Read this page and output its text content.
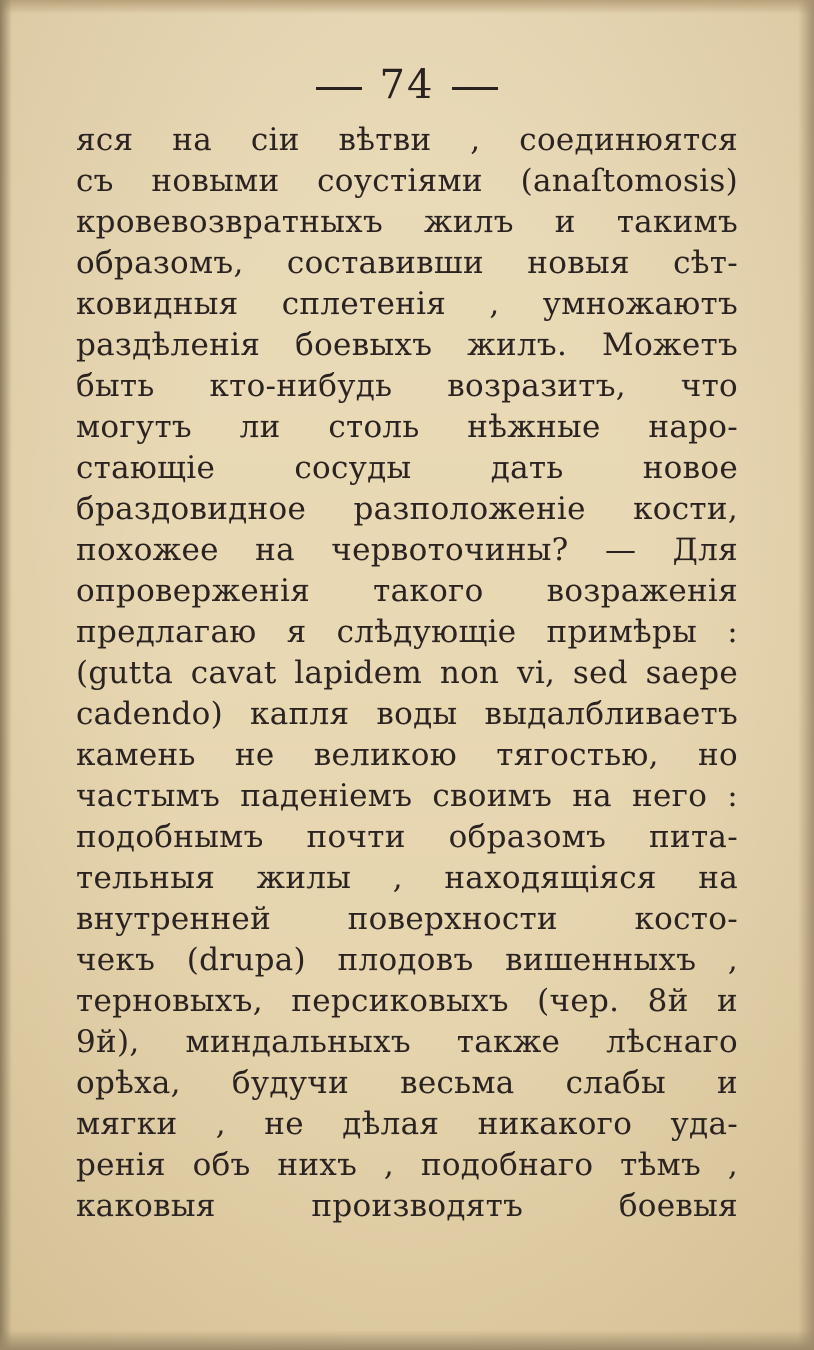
74
яся на сіи вѣтви , соединюятся
съ новыми соустіями (anaſtomosis)
кровевозвратныхъ жилъ и такимъ
образомъ, составивши новыя сѣт-
ковидныя сплетенія , умножаютъ
раздѣленія боевыхъ жилъ. Можетъ
быть кто-нибудь возразитъ, что
могутъ ли столь нѣжные наро-
стающіе сосуды дать новое
браздовидное разположеніе кости,
похожее на червоточины? — Для
опроверженія такого возраженія
предлагаю я слѣдующіе примѣры :
(gutta cavat lapidem non vi, sed saepe
cadendo) капля воды выдалбливаетъ
камень не великою тягостью, но
частымъ паденіемъ своимъ на него :
подобнымъ почти образомъ пита-
тельныя жилы , находящіяся на
внутренней поверхности косто-
чекъ (drupa) плодовъ вишенныхъ ,
терновыхъ, персиковыхъ (чер. 8й и
9й), миндальныхъ также лѣснаго
орѣха, будучи весьма слабы и
мягки , не дѣлая никакого уда-
ренія объ нихъ , подобнаго тѣмъ ,
каковыя производятъ боевыя
